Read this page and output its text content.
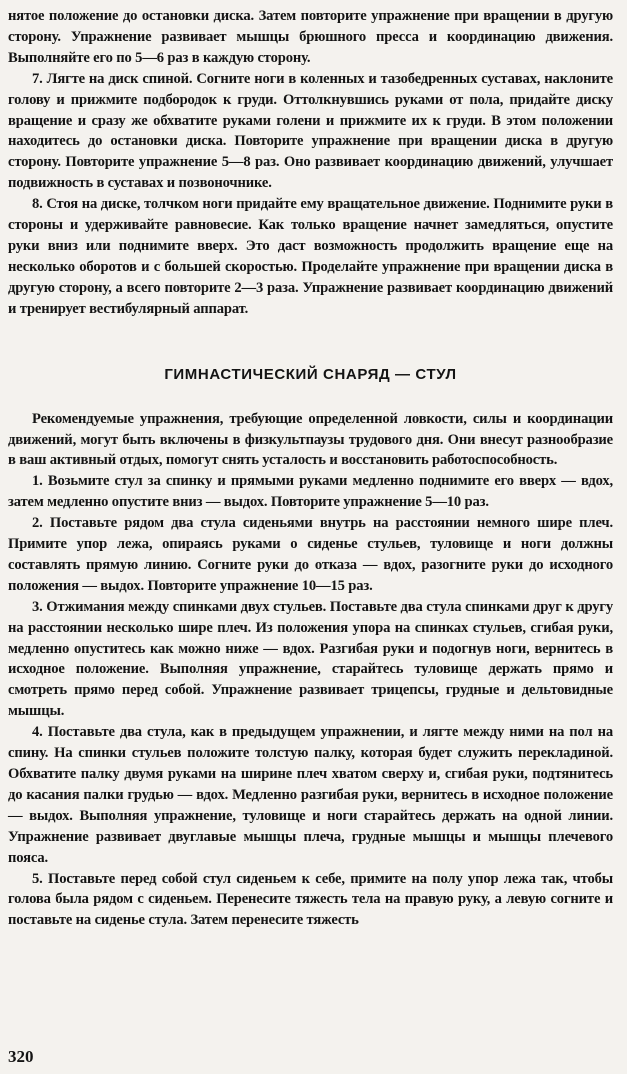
нятое положение до остановки диска. Затем повторите упражнение при вращении в другую сторону. Упражнение развивает мышцы брюшного пресса и координацию движения. Выполняйте его по 5—6 раз в каждую сторону.

7. Лягте на диск спиной. Согните ноги в коленных и тазобедренных суставах, наклоните голову и прижмите подбородок к груди. Оттолкнувшись руками от пола, придайте диску вращение и сразу же обхватите руками голени и прижмите их к груди. В этом положении находитесь до остановки диска. Повторите упражнение при вращении диска в другую сторону. Повторите упражнение 5—8 раз. Оно развивает координацию движений, улучшает подвижность в суставах и позвоночнике.

8. Стоя на диске, толчком ноги придайте ему вращательное движение. Поднимите руки в стороны и удерживайте равновесие. Как только вращение начнет замедляться, опустите руки вниз или поднимите вверх. Это даст возможность продолжить вращение еще на несколько оборотов и с большей скоростью. Проделайте упражнение при вращении диска в другую сторону, а всего повторите 2—3 раза. Упражнение развивает координацию движений и тренирует вестибулярный аппарат.

ГИМНАСТИЧЕСКИЙ СНАРЯД — СТУЛ

Рекомендуемые упражнения, требующие определенной ловкости, силы и координации движений, могут быть включены в физкультпаузы трудового дня. Они внесут разнообразие в ваш активный отдых, помогут снять усталость и восстановить работоспособность.

1. Возьмите стул за спинку и прямыми руками медленно поднимите его вверх — вдох, затем медленно опустите вниз — выдох. Повторите упражнение 5—10 раз.

2. Поставьте рядом два стула сиденьями внутрь на расстоянии немного шире плеч. Примите упор лежа, опираясь руками о сиденье стульев, туловище и ноги должны составлять прямую линию. Согните руки до отказа — вдох, разогните руки до исходного положения — выдох. Повторите упражнение 10—15 раз.

3. Отжимания между спинками двух стульев. Поставьте два стула спинками друг к другу на расстоянии несколько шире плеч. Из положения упора на спинках стульев, сгибая руки, медленно опуститесь как можно ниже — вдох. Разгибая руки и подогнув ноги, вернитесь в исходное положение. Выполняя упражнение, старайтесь туловище держать прямо и смотреть прямо перед собой. Упражнение развивает трицепсы, грудные и дельтовидные мышцы.

4. Поставьте два стула, как в предыдущем упражнении, и лягте между ними на пол на спину. На спинки стульев положите толстую палку, которая будет служить перекладиной. Обхватите палку двумя руками на ширине плеч хватом сверху и, сгибая руки, подтянитесь до касания палки грудью — вдох. Медленно разгибая руки, вернитесь в исходное положение — выдох. Выполняя упражнение, туловище и ноги старайтесь держать на одной линии. Упражнение развивает двуглавые мышцы плеча, грудные мышцы и мышцы плечевого пояса.

5. Поставьте перед собой стул сиденьем к себе, примите на полу упор лежа так, чтобы голова была рядом с сиденьем. Перенесите тяжесть тела на правую руку, а левую согните и поставьте на сиденье стула. Затем перенесите тяжесть

320
